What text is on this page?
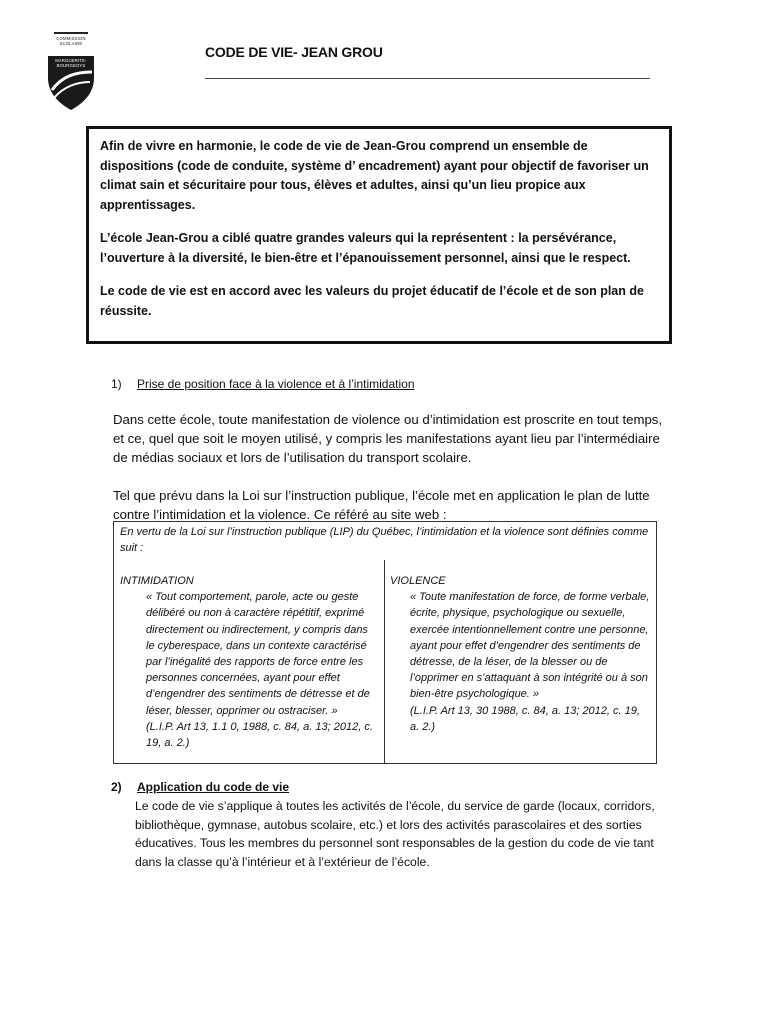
COMMISSION
SCOLAIRE
MARGUERITE-
BOURGEOYS
CODE DE VIE- JEAN GROU

Afin de vivre en harmonie, le code de vie de Jean-Grou comprend un ensemble de dispositions (code de conduite, système d’ encadrement) ayant pour objectif de favoriser un climat sain et sécuritaire pour tous, élèves et adultes, ainsi qu’un lieu propice aux apprentissages.

L’école Jean-Grou a ciblé quatre grandes valeurs qui la représentent : la persévérance, l’ouverture à la diversité, le bien-être et l’épanouissement personnel, ainsi que le respect.

Le code de vie est en accord avec les valeurs du projet éducatif de l’école et de son plan de réussite.

1) Prise de position face à la violence et à l’intimidation

Dans cette école, toute manifestation de violence ou d’intimidation est proscrite en tout temps, et ce, quel que soit le moyen utilisé, y compris les manifestations ayant lieu par l’intermédiaire de médias sociaux et lors de l’utilisation du transport scolaire.

Tel que prévu dans la Loi sur l’instruction publique, l’école met en application le plan de lutte contre l’intimidation et la violence. Ce référé au site web :

En vertu de la Loi sur l’instruction publique (LIP) du Québec, l’intimidation et la violence sont définies comme suit :

INTIMIDATION

« Tout comportement, parole, acte ou geste délibéré ou non à caractère répétitif, exprimé directement ou indirectement, y compris dans le cyberespace, dans un contexte caractérisé par l’inégalité des rapports de force entre les personnes concernées, ayant pour effet d’engendrer des sentiments de détresse et de léser, blesser, opprimer ou ostraciser. »

(L.I.P. Art 13, 1.1 0, 1988, c. 84, a. 13; 2012, c. 19, a. 2.)

VIOLENCE

« Toute manifestation de force, de forme verbale, écrite, physique, psychologique ou sexuelle, exercée intentionnellement contre une personne, ayant pour effet d’engendrer des sentiments de détresse, de la léser, de la blesser ou de l’opprimer en s’attaquant à son intégrité ou à son bien-être psychologique. »

(L.I.P. Art 13, 30 1988, c. 84, a. 13; 2012, c. 19, a. 2.)

2) Application du code de vie

Le code de vie s’applique à toutes les activités de l’école, du service de garde (locaux, corridors, bibliothèque, gymnase, autobus scolaire, etc.) et lors des activités parascolaires et des sorties éducatives. Tous les membres du personnel sont responsables de la gestion du code de vie tant dans la classe qu’à l’intérieur et à l’extérieur de l’école.
